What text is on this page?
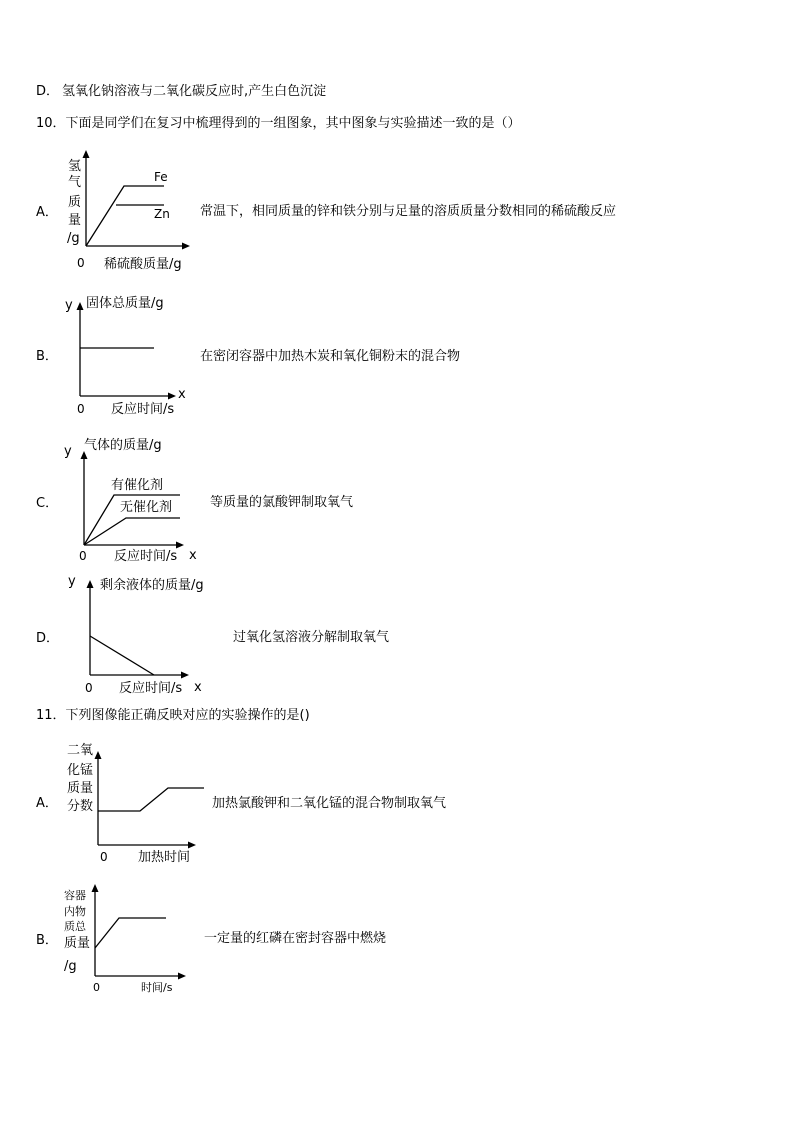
D． 氢氧化钠溶液与二氧化碳反应时,产生白色沉淀
10．下面是同学们在复习中梳理得到的一组图象，其中图象与实验描述一致的是（）
A．
氢
气
质
量
/g
Fe
Zn
0 稀硫酸质量/g
常温下，相同质量的锌和铁分别与足量的溶质质量分数相同的稀硫酸反应
B．
y 固体总质量/g
0
x
反应时间/s
在密闭容器中加热木炭和氧化铜粉末的混合物
C．
y 气体的质量/g
有催化剂
无催化剂
0	x
反应时间/s
等质量的氯酸钾制取氧气
D．
y 剩余液体的质量/g
0	x
反应时间/s
过氧化氢溶液分解制取氧气
11．下列图像能正确反映对应的实验操作的是()
A．
二氧
化锰
质量
分数
0 加热时间
加热氯酸钾和二氧化锰的混合物制取氧气
B．
容器
内物
质总
质量
/g
0	时间/s
一定量的红磷在密封容器中燃烧
